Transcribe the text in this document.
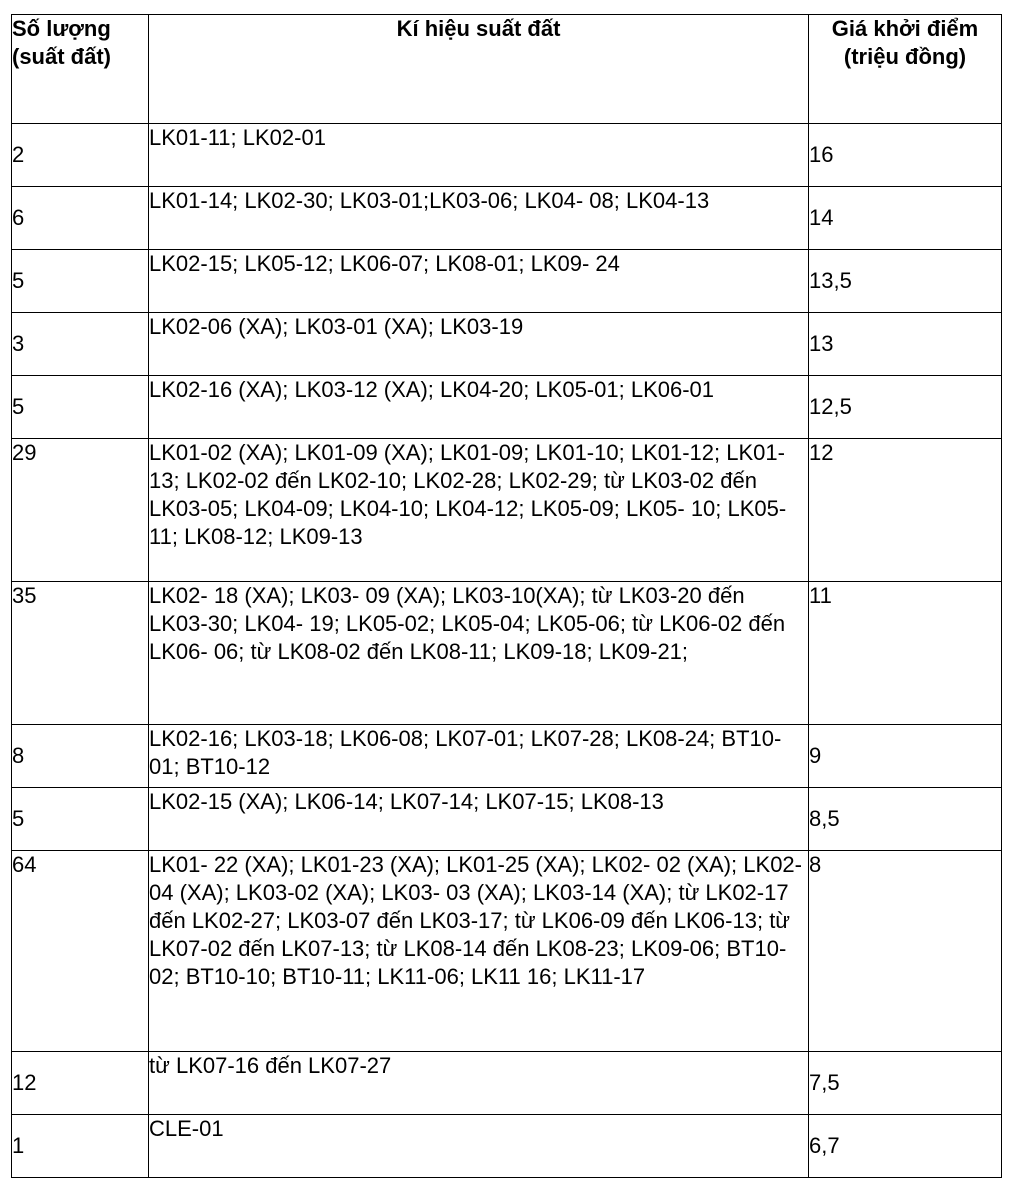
Số lượng (suất đất)	Kí hiệu suất đất	Giá khởi điểm
(triệu đồng)
2	LK01-11; LK02-01	16
6	LK01-14; LK02-30; LK03-01;LK03-06; LK04- 08; LK04-13	14
5	LK02-15; LK05-12; LK06-07; LK08-01; LK09- 24	13,5
3	LK02-06 (XA); LK03-01 (XA); LK03-19	13
5	LK02-16 (XA); LK03-12 (XA); LK04-20; LK05-01; LK06-01	12,5
29	LK01-02 (XA); LK01-09 (XA); LK01-09; LK01-10; LK01-12; LK01-13; LK02-02 đến LK02-10; LK02-28; LK02-29; từ LK03-02 đến LK03-05; LK04-09; LK04-10; LK04-12; LK05-09; LK05- 10; LK05-11; LK08-12; LK09-13	12
35	LK02- 18 (XA); LK03- 09 (XA); LK03-10(XA); từ LK03-20 đến LK03-30; LK04- 19; LK05-02; LK05-04; LK05-06; từ LK06-02 đến LK06- 06; từ LK08-02 đến LK08-11; LK09-18; LK09-21;	11
8	LK02-16; LK03-18; LK06-08; LK07-01; LK07-28; LK08-24; BT10-01; BT10-12	9
5	LK02-15 (XA); LK06-14; LK07-14; LK07-15; LK08-13	8,5
64	LK01- 22 (XA); LK01-23 (XA); LK01-25 (XA); LK02- 02 (XA); LK02-04 (XA); LK03-02 (XA); LK03- 03 (XA); LK03-14 (XA); từ LK02-17 đến LK02-27; LK03-07 đến LK03-17; từ LK06-09 đến LK06-13; từ LK07-02 đến LK07-13; từ LK08-14 đến LK08-23; LK09-06; BT10-02; BT10-10; BT10-11; LK11-06; LK11 16; LK11-17	8
12	từ LK07-16 đến LK07-27	7,5
1	CLE-01	6,7
